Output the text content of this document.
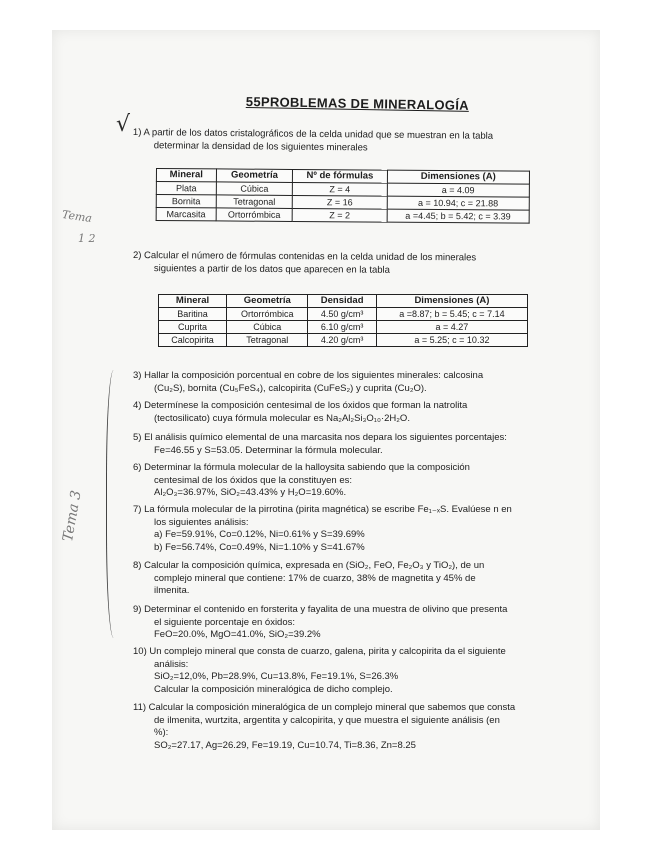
55PROBLEMAS DE MINERALOGÍA
√
Tema
1 2
Tema 3
1) A partir de los datos cristalográficos de la celda unidad que se muestran en la tabla
determinar la densidad de los siguientes minerales
Mineral	Geometría	Nº de fórmulas	Dimensiones (A)
Plata	Cúbica	Z = 4	a = 4.09
Bornita	Tetragonal	Z = 16	a = 10.94; c = 21.88
Marcasita	Ortorrómbica	Z = 2	a =4.45; b = 5.42; c = 3.39
2) Calcular el número de fórmulas contenidas en la celda unidad de los minerales
siguientes a partir de los datos que aparecen en la tabla
Mineral	Geometría	Densidad	Dimensiones (A)
Baritina	Ortorrómbica	4.50 g/cm³	a =8.87; b = 5.45; c = 7.14
Cuprita	Cúbica	6.10 g/cm³	a = 4.27
Calcopirita	Tetragonal	4.20 g/cm³	a = 5.25; c = 10.32
3) Hallar la composición porcentual en cobre de los siguientes minerales: calcosina
(Cu₂S), bornita (Cu₅FeS₄), calcopirita (CuFeS₂) y cuprita (Cu₂O).
4) Determínese la composición centesimal de los óxidos que forman la natrolita
(tectosilicato) cuya fórmula molecular es Na₂Al₂Si₃O₁₀·2H₂O.
5) El análisis químico elemental de una marcasita nos depara los siguientes porcentajes:
Fe=46.55 y S=53.05. Determinar la fórmula molecular.
6) Determinar la fórmula molecular de la halloysita sabiendo que la composición
centesimal de los óxidos que la constituyen es:
Al₂O₃=36.97%, SiO₂=43.43% y H₂O=19.60%.
7) La fórmula molecular de la pirrotina (pirita magnética) se escribe Fe₁₋ₓS. Evalúese n en
los siguientes análisis:
a) Fe=59.91%, Co=0.12%, Ni=0.61% y S=39.69%
b) Fe=56.74%, Co=0.49%, Ni=1.10% y S=41.67%
8) Calcular la composición química, expresada en (SiO₂, FeO, Fe₂O₃ y TiO₂), de un
complejo mineral que contiene: 17% de cuarzo, 38% de magnetita y 45% de
ilmenita.
9) Determinar el contenido en forsterita y fayalita de una muestra de olivino que presenta
el siguiente porcentaje en óxidos:
FeO=20.0%, MgO=41.0%, SiO₂=39.2%
10) Un complejo mineral que consta de cuarzo, galena, pirita y calcopirita da el siguiente
análisis:
SiO₂=12,0%, Pb=28.9%, Cu=13.8%, Fe=19.1%, S=26.3%
Calcular la composición mineralógica de dicho complejo.
11) Calcular la composición mineralógica de un complejo mineral que sabemos que consta
de ilmenita, wurtzita, argentita y calcopirita, y que muestra el siguiente análisis (en
%):
SO₂=27.17, Ag=26.29, Fe=19.19, Cu=10.74, Ti=8.36, Zn=8.25
